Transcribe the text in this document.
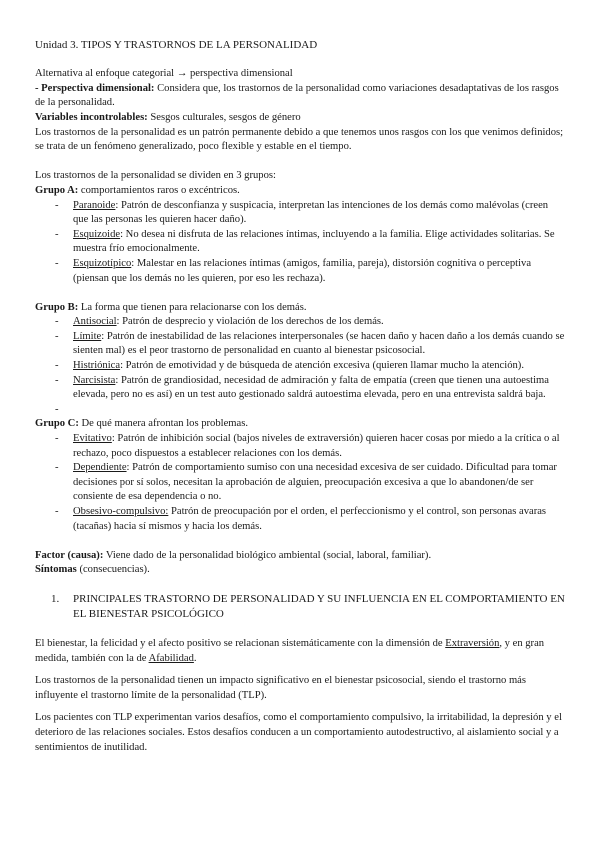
Unidad 3. TIPOS Y TRASTORNOS DE LA PERSONALIDAD

Alternativa al enfoque categorial → perspectiva dimensional

- Perspectiva dimensional: Considera que, los trastornos de la personalidad como variaciones desadaptativas de los rasgos de la personalidad.

Variables incontrolables: Sesgos culturales, sesgos de género

Los trastornos de la personalidad es un patrón permanente debido a que tenemos unos rasgos con los que venimos definidos; se trata de un fenómeno generalizado, poco flexible y estable en el tiempo.

Los trastornos de la personalidad se dividen en 3 grupos:

Grupo A: comportamientos raros o excéntricos.

- Paranoide: Patrón de desconfianza y suspicacia, interpretan las intenciones de los demás como malévolas (creen que las personas les quieren hacer daño).
- Esquizoide: No desea ni disfruta de las relaciones íntimas, incluyendo a la familia. Elige actividades solitarias. Se muestra frío emocionalmente.
- Esquizotípico: Malestar en las relaciones íntimas (amigos, familia, pareja), distorsión cognitiva o perceptiva (piensan que los demás no les quieren, por eso les rechaza).

Grupo B: La forma que tienen para relacionarse con los demás.

- Antisocial: Patrón de desprecio y violación de los derechos de los demás.
- Límite: Patrón de inestabilidad de las relaciones interpersonales (se hacen daño y hacen daño a los demás cuando se sienten mal) es el peor trastorno de personalidad en cuanto al bienestar psicosocial.
- Histriónica: Patrón de emotividad y de búsqueda de atención excesiva (quieren llamar mucho la atención).
- Narcisista: Patrón de grandiosidad, necesidad de admiración y falta de empatía (creen que tienen una autoestima elevada, pero no es así) en un test auto gestionado saldrá autoestima elevada, pero en una entrevista saldrá baja.
-

Grupo C: De qué manera afrontan los problemas.

- Evitativo: Patrón de inhibición social (bajos niveles de extraversión) quieren hacer cosas por miedo a la crítica o al rechazo, poco dispuestos a establecer relaciones con los demás.
- Dependiente: Patrón de comportamiento sumiso con una necesidad excesiva de ser cuidado. Dificultad para tomar decisiones por sí solos, necesitan la aprobación de alguien, preocupación excesiva a que lo abandonen/de ser consiente de esa dependencia o no.
- Obsesivo-compulsivo: Patrón de preocupación por el orden, el perfeccionismo y el control, son personas avaras (tacañas) hacia sí mismos y hacia los demás.

Factor (causa): Viene dado de la personalidad biológico ambiental (social, laboral, familiar).

Síntomas (consecuencias).

1. PRINCIPALES TRASTORNO DE PERSONALIDAD Y SU INFLUENCIA EN EL COMPORTAMIENTO EN EL BIENESTAR PSICOLÓGICO

El bienestar, la felicidad y el afecto positivo se relacionan sistemáticamente con la dimensión de Extraversión, y en gran medida, también con la de Afabilidad.

Los trastornos de la personalidad tienen un impacto significativo en el bienestar psicosocial, siendo el trastorno más influyente el trastorno límite de la personalidad (TLP).

Los pacientes con TLP experimentan varios desafíos, como el comportamiento compulsivo, la irritabilidad, la depresión y el deterioro de las relaciones sociales. Estos desafíos conducen a un comportamiento autodestructivo, al aislamiento social y a sentimientos de inutilidad.
